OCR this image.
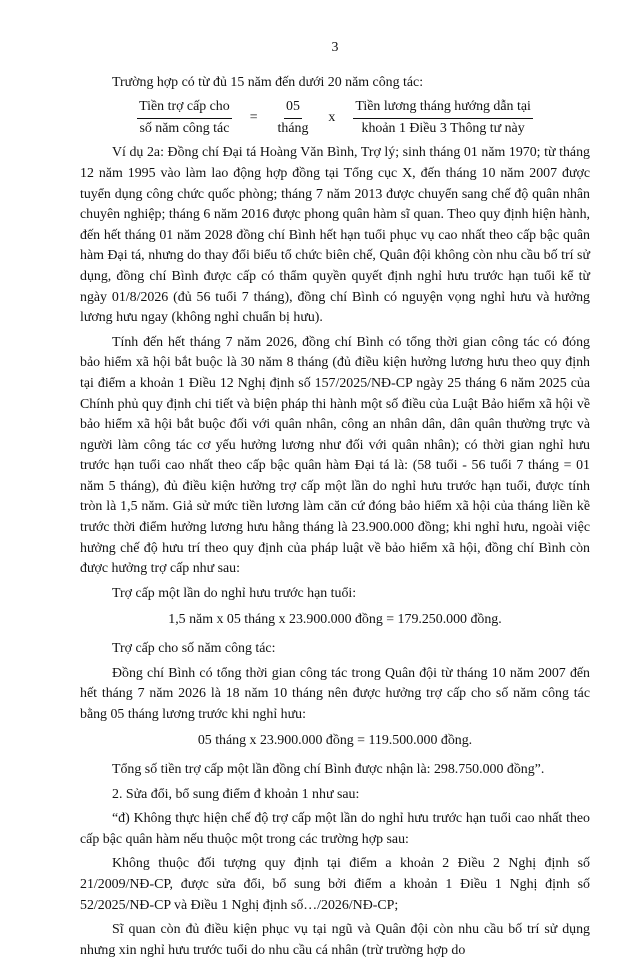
3

Trường hợp có từ đủ 15 năm đến dưới 20 năm công tác:

$\frac{\text{Tiền trợ cấp cho}}{\text{số năm công tác}}$	=	$\frac{05}{\text{tháng}}$	x	$\frac{\text{Tiền lương tháng hướng dẫn tại}}{\text{khoản 1 Điều 3 Thông tư này}}$

Ví dụ 2a: Đồng chí Đại tá Hoàng Văn Bình, Trợ lý; sinh tháng 01 năm 1970; từ tháng 12 năm 1995 vào làm lao động hợp đồng tại Tổng cục X, đến tháng 10 năm 2007 được tuyển dụng công chức quốc phòng; tháng 7 năm 2013 được chuyển sang chế độ quân nhân chuyên nghiệp; tháng 6 năm 2016 được phong quân hàm sĩ quan. Theo quy định hiện hành, đến hết tháng 01 năm 2028 đồng chí Bình hết hạn tuổi phục vụ cao nhất theo cấp bậc quân hàm Đại tá, nhưng do thay đổi biểu tổ chức biên chế, Quân đội không còn nhu cầu bố trí sử dụng, đồng chí Bình được cấp có thẩm quyền quyết định nghỉ hưu trước hạn tuổi kể từ ngày 01/8/2026 (đủ 56 tuổi 7 tháng), đồng chí Bình có nguyện vọng nghỉ hưu và hưởng lương hưu ngay (không nghỉ chuẩn bị hưu).

Tính đến hết tháng 7 năm 2026, đồng chí Bình có tổng thời gian công tác có đóng bảo hiểm xã hội bắt buộc là 30 năm 8 tháng (đủ điều kiện hưởng lương hưu theo quy định tại điểm a khoản 1 Điều 12 Nghị định số 157/2025/NĐ-CP ngày 25 tháng 6 năm 2025 của Chính phủ quy định chi tiết và biện pháp thi hành một số điều của Luật Bảo hiểm xã hội về bảo hiểm xã hội bắt buộc đối với quân nhân, công an nhân dân, dân quân thường trực và người làm công tác cơ yếu hưởng lương như đối với quân nhân); có thời gian nghỉ hưu trước hạn tuổi cao nhất theo cấp bậc quân hàm Đại tá là: (58 tuổi - 56 tuổi 7 tháng = 01 năm 5 tháng), đủ điều kiện hưởng trợ cấp một lần do nghỉ hưu trước hạn tuổi, được tính tròn là 1,5 năm. Giả sử mức tiền lương làm căn cứ đóng bảo hiểm xã hội của tháng liền kề trước thời điểm hưởng lương hưu hằng tháng là 23.900.000 đồng; khi nghỉ hưu, ngoài việc hưởng chế độ hưu trí theo quy định của pháp luật về bảo hiểm xã hội, đồng chí Bình còn được hưởng trợ cấp như sau:

Trợ cấp một lần do nghỉ hưu trước hạn tuổi:

1,5 năm x 05 tháng x 23.900.000 đồng = 179.250.000 đồng.

Trợ cấp cho số năm công tác:

Đồng chí Bình có tổng thời gian công tác trong Quân đội từ tháng 10 năm 2007 đến hết tháng 7 năm 2026 là 18 năm 10 tháng nên được hưởng trợ cấp cho số năm công tác bằng 05 tháng lương trước khi nghỉ hưu:

05 tháng x 23.900.000 đồng = 119.500.000 đồng.

Tổng số tiền trợ cấp một lần đồng chí Bình được nhận là: 298.750.000 đồng”.

2. Sửa đổi, bổ sung điểm đ khoản 1 như sau:

“đ) Không thực hiện chế độ trợ cấp một lần do nghỉ hưu trước hạn tuổi cao nhất theo cấp bậc quân hàm nếu thuộc một trong các trường hợp sau:

Không thuộc đối tượng quy định tại điểm a khoản 2 Điều 2 Nghị định số 21/2009/NĐ-CP, được sửa đổi, bổ sung bởi điểm a khoản 1 Điều 1 Nghị định số 52/2025/NĐ-CP và Điều 1 Nghị định số…/2026/NĐ-CP;

Sĩ quan còn đủ điều kiện phục vụ tại ngũ và Quân đội còn nhu cầu bố trí sử dụng nhưng xin nghỉ hưu trước tuổi do nhu cầu cá nhân (trừ trường hợp do
